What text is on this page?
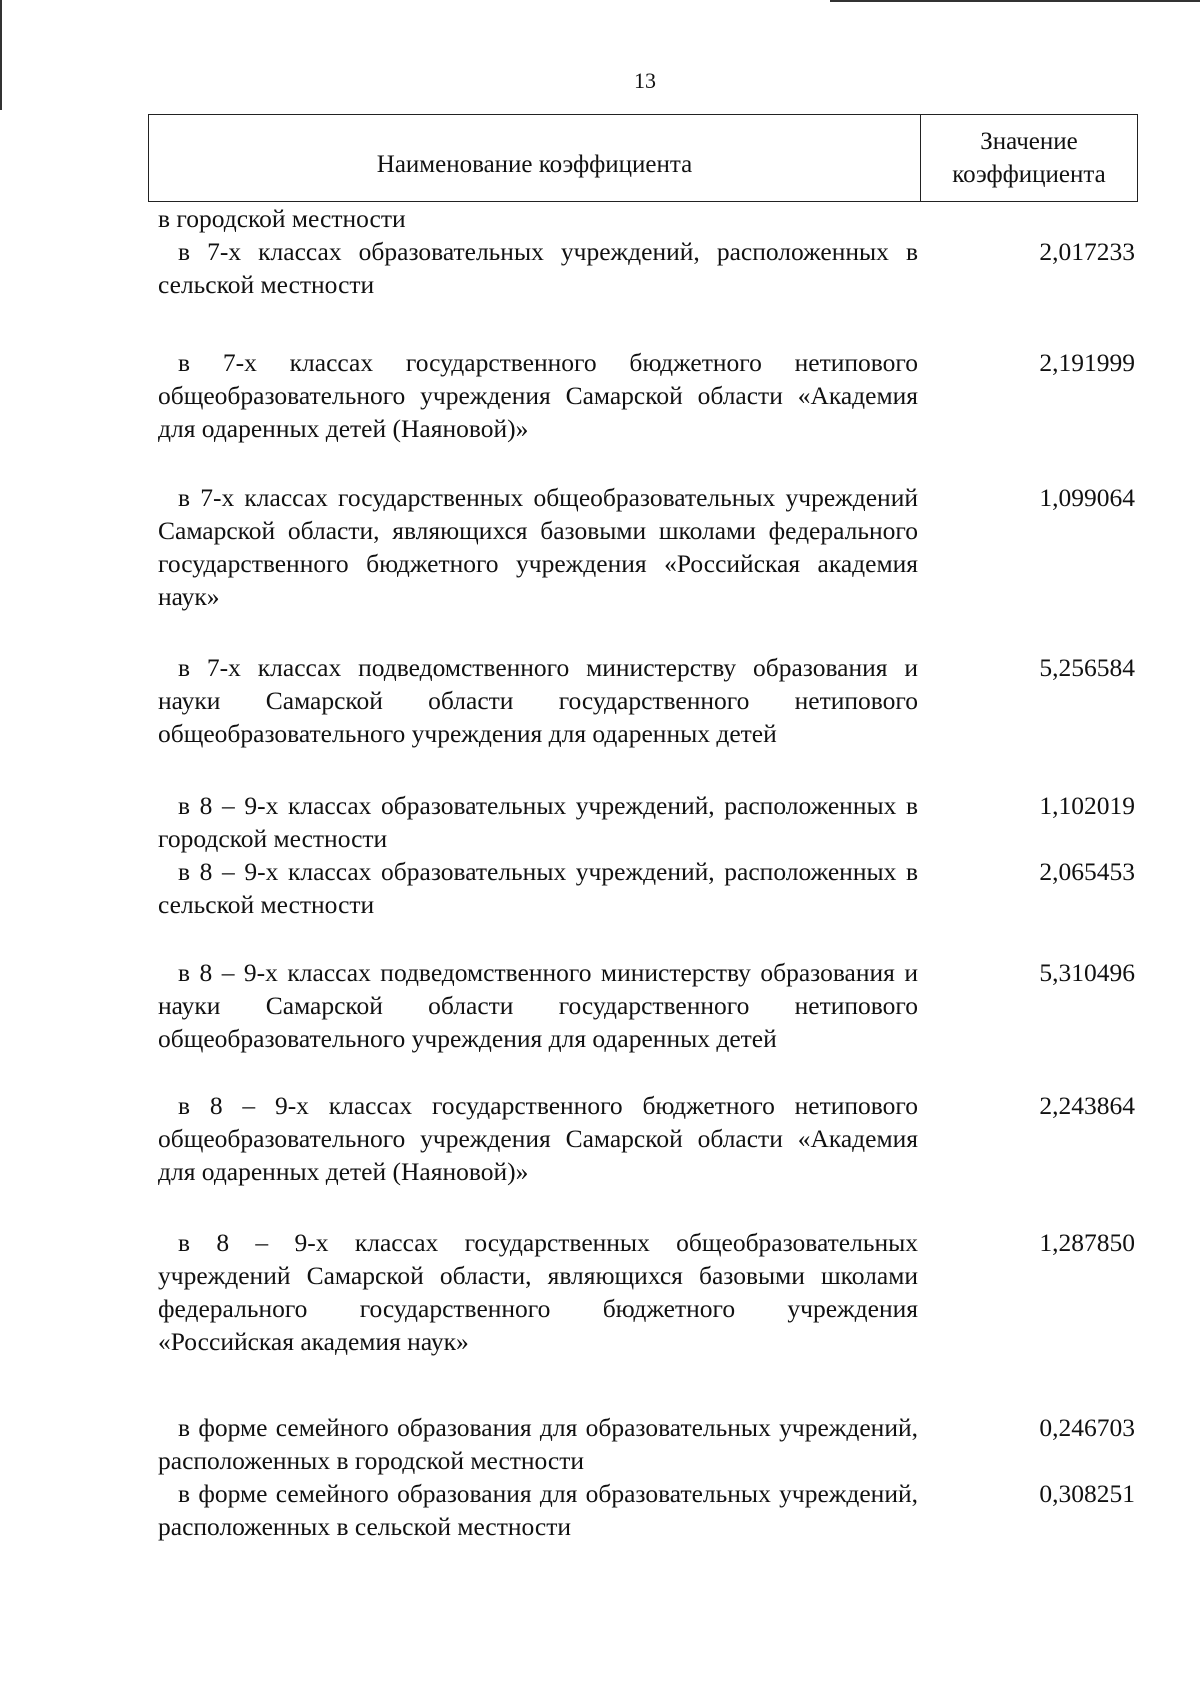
13
Наименование коэффициента
Значение
коэффициента
в городской местности
в 7-х классах образовательных учреждений, расположенных в сельской местности
2,017233
в 7-х классах государственного бюджетного нетипового общеобразовательного учреждения Самарской области «Академия для одаренных детей (Наяновой)»
2,191999
в 7-х классах государственных общеобразовательных учреждений Самарской области, являющихся базовыми школами федерального государственного бюджетного учреждения «Российская академия наук»
1,099064
в 7-х классах подведомственного министерству образования и науки Самарской области государственного нетипового общеобразовательного учреждения для одаренных детей
5,256584
в 8 – 9-х классах образовательных учреждений, расположенных в городской местности
1,102019
в 8 – 9-х классах образовательных учреждений, расположенных в сельской местности
2,065453
в 8 – 9-х классах подведомственного министерству образования и науки Самарской области государственного нетипового общеобразовательного учреждения для одаренных детей
5,310496
в 8 – 9-х классах государственного бюджетного нетипового общеобразовательного учреждения Самарской области «Академия для одаренных детей (Наяновой)»
2,243864
в 8 – 9-х классах государственных общеобразовательных учреждений Самарской области, являющихся базовыми школами федерального государственного бюджетного учреждения «Российская академия наук»
1,287850
в форме семейного образования для образовательных учреждений, расположенных в городской местности
0,246703
в форме семейного образования для образовательных учреждений, расположенных в сельской местности
0,308251
